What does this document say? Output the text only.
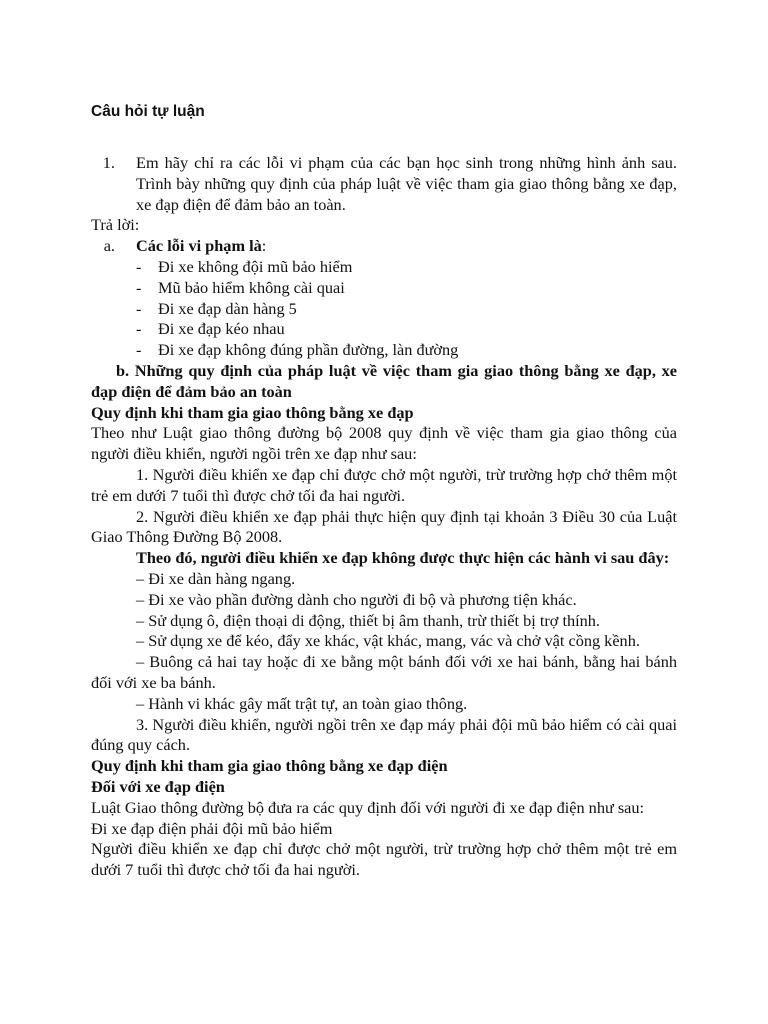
Câu hỏi tự luận
1.	Em hãy chỉ ra các lỗi vi phạm của các bạn học sinh trong những hình ảnh sau. Trình bày những quy định của pháp luật về việc tham gia giao thông bằng xe đạp, xe đạp điện để đảm bảo an toàn.
Trả lời:
a.	Các lỗi vi phạm là:
-	Đi xe không đội mũ bảo hiểm
-	Mũ bảo hiểm không cài quai
-	Đi xe đạp dàn hàng 5
-	Đi xe đạp kéo nhau
-	Đi xe đạp không đúng phần đường, làn đường
b. Những quy định của pháp luật về việc tham gia giao thông bằng xe đạp, xe đạp điện để đảm bảo an toàn
Quy định khi tham gia giao thông bằng xe đạp
Theo như Luật giao thông đường bộ 2008 quy định về việc tham gia giao thông của người điều khiển, người ngồi trên xe đạp như sau:
1. Người điều khiển xe đạp chỉ được chở một người, trừ trường hợp chở thêm một trẻ em dưới 7 tuổi thì được chở tối đa hai người.
2. Người điều khiển xe đạp phải thực hiện quy định tại khoản 3 Điều 30 của Luật Giao Thông Đường Bộ 2008.
Theo đó, người điều khiển xe đạp không được thực hiện các hành vi sau đây:
– Đi xe dàn hàng ngang.
– Đi xe vào phần đường dành cho người đi bộ và phương tiện khác.
– Sử dụng ô, điện thoại di động, thiết bị âm thanh, trừ thiết bị trợ thính.
– Sử dụng xe để kéo, đẩy xe khác, vật khác, mang, vác và chở vật cồng kềnh.
– Buông cả hai tay hoặc đi xe bằng một bánh đối với xe hai bánh, bằng hai bánh đối với xe ba bánh.
– Hành vi khác gây mất trật tự, an toàn giao thông.
3. Người điều khiển, người ngồi trên xe đạp máy phải đội mũ bảo hiểm có cài quai đúng quy cách.
Quy định khi tham gia giao thông bằng xe đạp điện
Đối với xe đạp điện
Luật Giao thông đường bộ đưa ra các quy định đối với người đi xe đạp điện như sau:
Đi xe đạp điện phải đội mũ bảo hiểm
Người điều khiển xe đạp chỉ được chở một người, trừ trường hợp chở thêm một trẻ em dưới 7 tuổi thì được chở tối đa hai người.
